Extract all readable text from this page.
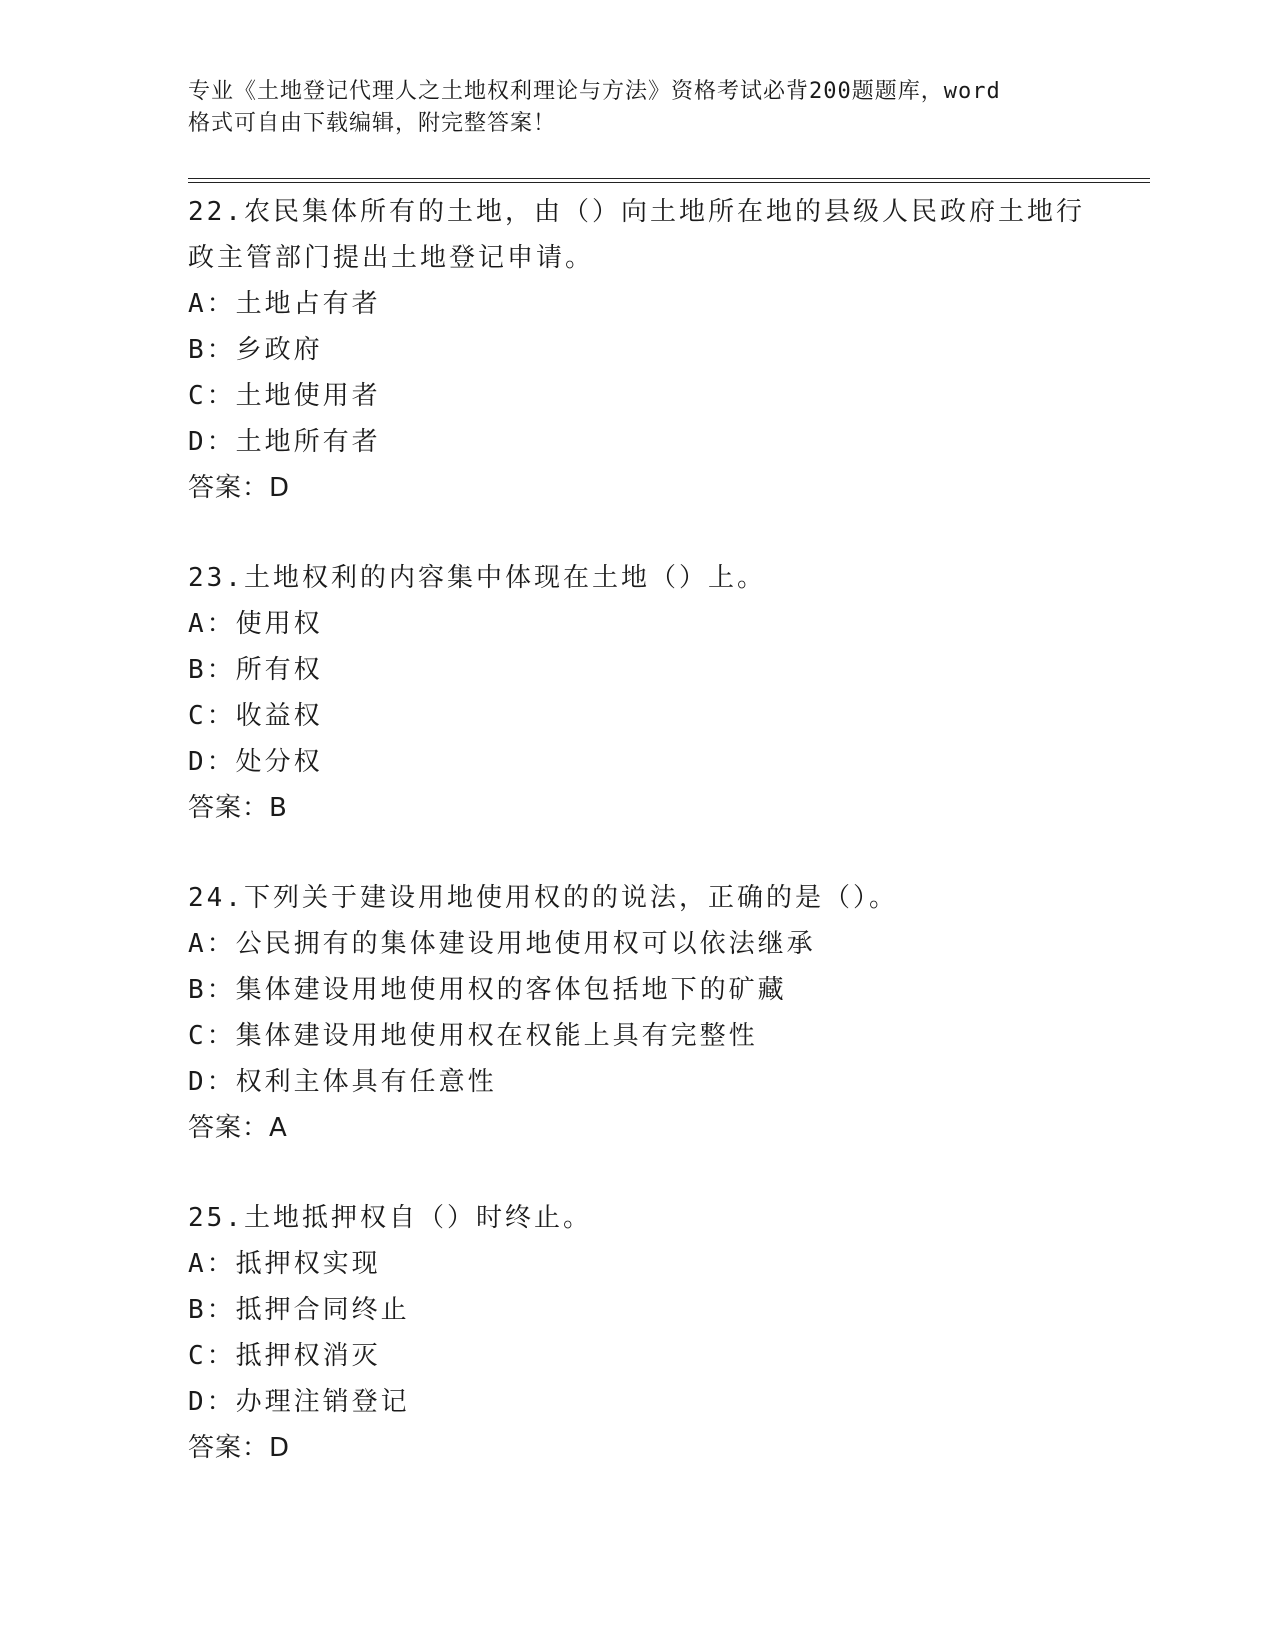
专业《土地登记代理人之土地权利理论与方法》资格考试必背200题题库，word
格式可自由下载编辑，附完整答案！
22.农民集体所有的土地，由（）向土地所在地的县级人民政府土地行
政主管部门提出土地登记申请。
A：土地占有者
B：乡政府
C：土地使用者
D：土地所有者
答案：D
23.土地权利的内容集中体现在土地（）上。
A：使用权
B：所有权
C：收益权
D：处分权
答案：B
24.下列关于建设用地使用权的的说法，正确的是（）。
A：公民拥有的集体建设用地使用权可以依法继承
B：集体建设用地使用权的客体包括地下的矿藏
C：集体建设用地使用权在权能上具有完整性
D：权利主体具有任意性
答案：A
25.土地抵押权自（）时终止。
A：抵押权实现
B：抵押合同终止
C：抵押权消灭
D：办理注销登记
答案：D
